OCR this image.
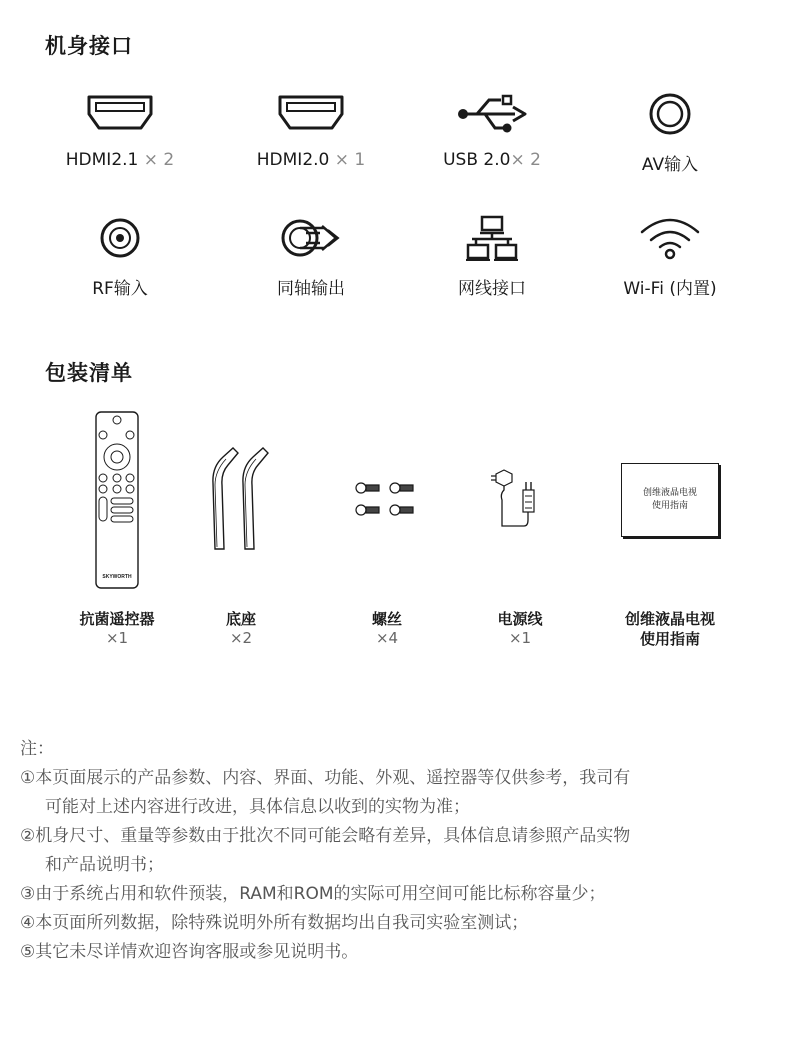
机身接口
HDMI2.1 × 2	HDMI2.0 × 1	USB 2.0× 2	AV输入
RF输入	同轴输出	网线接口	Wi-Fi (内置)
包装清单
SKYWORTH
抗菌遥控器
×1
底座
×2
螺丝
×4
电源线
×1
创维液晶电视
使用指南
创维液晶电视
使用指南

注：

①本页面展示的产品参数、内容、界面、功能、外观、遥控器等仅供参考，我司有

可能对上述内容进行改进，具体信息以收到的实物为准；

②机身尺寸、重量等参数由于批次不同可能会略有差异，具体信息请参照产品实物

和产品说明书；

③由于系统占用和软件预装，RAM和ROM的实际可用空间可能比标称容量少；

④本页面所列数据，除特殊说明外所有数据均出自我司实验室测试；

⑤其它未尽详情欢迎咨询客服或参见说明书。
